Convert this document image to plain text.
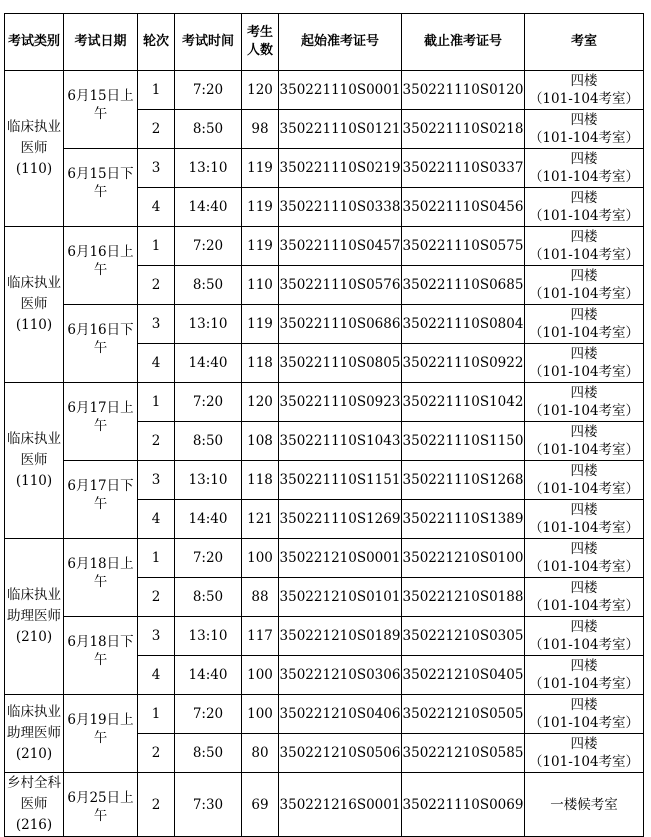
考试类别	考试日期	轮次	考试时间	考生人数	起始准考证号	截止准考证号	考室

临床执业医师(110)	6月15日上午	1	7:20	120	350221110S0001	350221110S0120	四楼
（101-104考室）

		2	8:50	98	350221110S0121	350221110S0218	四楼
（101-104考室）

	6月15日下午	3	13:10	119	350221110S0219	350221110S0337	四楼
（101-104考室）

		4	14:40	119	350221110S0338	350221110S0456	四楼
（101-104考室）

临床执业医师(110)	6月16日上午	1	7:20	119	350221110S0457	350221110S0575	四楼
（101-104考室）

		2	8:50	110	350221110S0576	350221110S0685	四楼
（101-104考室）

	6月16日下午	3	13:10	119	350221110S0686	350221110S0804	四楼
（101-104考室）

		4	14:40	118	350221110S0805	350221110S0922	四楼
（101-104考室）

临床执业医师(110)	6月17日上午	1	7:20	120	350221110S0923	350221110S1042	四楼
（101-104考室）

		2	8:50	108	350221110S1043	350221110S1150	四楼
（101-104考室）

	6月17日下午	3	13:10	118	350221110S1151	350221110S1268	四楼
（101-104考室）

		4	14:40	121	350221110S1269	350221110S1389	四楼
（101-104考室）

临床执业助理医师(210)	6月18日上午	1	7:20	100	350221210S0001	350221210S0100	四楼
（101-104考室）

		2	8:50	88	350221210S0101	350221210S0188	四楼
（101-104考室）

	6月18日下午	3	13:10	117	350221210S0189	350221210S0305	四楼
（101-104考室）

		4	14:40	100	350221210S0306	350221210S0405	四楼
（101-104考室）

临床执业助理医师(210)	6月19日上午	1	7:20	100	350221210S0406	350221210S0505	四楼
（101-104考室）

		2	8:50	80	350221210S0506	350221210S0585	四楼
（101-104考室）

乡村全科医师(216)	6月25日上午	2	7:30	69	350221216S0001	350221110S0069	一楼候考室
